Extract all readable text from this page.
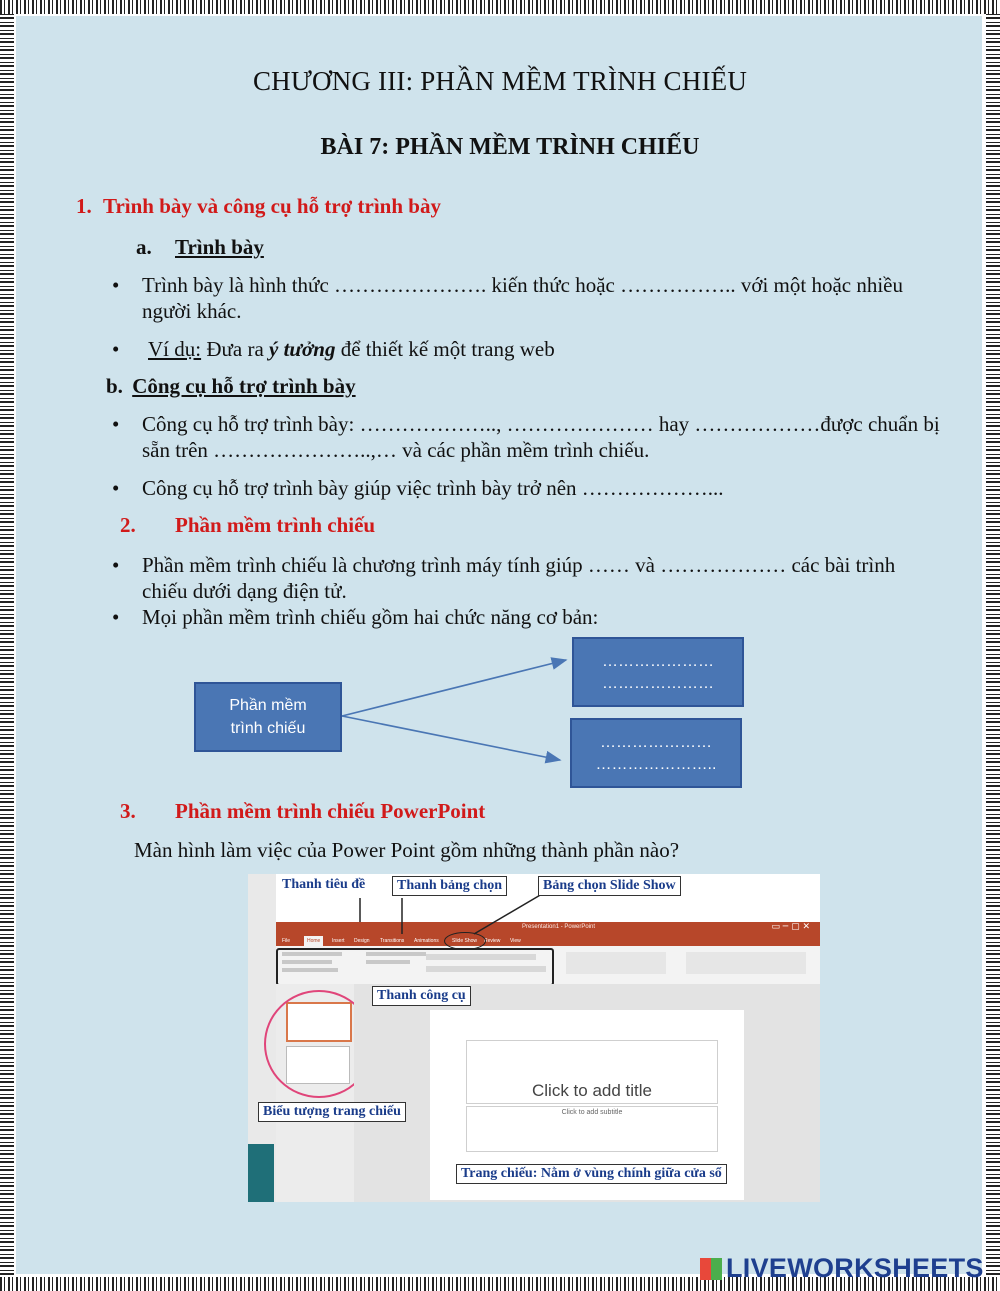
CHƯƠNG III: PHẦN MỀM TRÌNH CHIẾU
BÀI 7: PHẦN MỀM TRÌNH CHIẾU
1. Trình bày và công cụ hỗ trợ trình bày
a. Trình bày
• Trình bày là hình thức …………………. kiến thức hoặc …………….. với một hoặc nhiều người khác.
• Ví dụ: Đưa ra ý tưởng để thiết kế một trang web
b. Công cụ hỗ trợ trình bày
• Công cụ hỗ trợ trình bày: ……………….., ………………… hay ………………được chuẩn bị sẵn trên …………………..,… và các phần mềm trình chiếu.
• Công cụ hỗ trợ trình bày giúp việc trình bày trở nên ………………...
2. Phần mềm trình chiếu
• Phần mềm trình chiếu là chương trình máy tính giúp …… và ……………… các bài trình chiếu dưới dạng điện tử.
• Mọi phần mềm trình chiếu gồm hai chức năng cơ bản:
Phần mềm
trình chiếu
…………………
…………………
…………………
…………………..
3. Phần mềm trình chiếu PowerPoint
Màn hình làm việc của Power Point gồm những thành phần nào?
Presentation1 - PowerPoint	▭ ─ ▢ ✕
File	Home	Insert Design Transitions Animations	Slide Show Review View
Click to add title
Click to add subtitle
Thanh tiêu đề	Thanh bảng chọn	Bảng chọn Slide Show
Thanh công cụ
Biểu tượng trang chiếu
Trang chiếu: Nằm ở vùng chính giữa cửa sổ
LIVEWORKSHEETS
